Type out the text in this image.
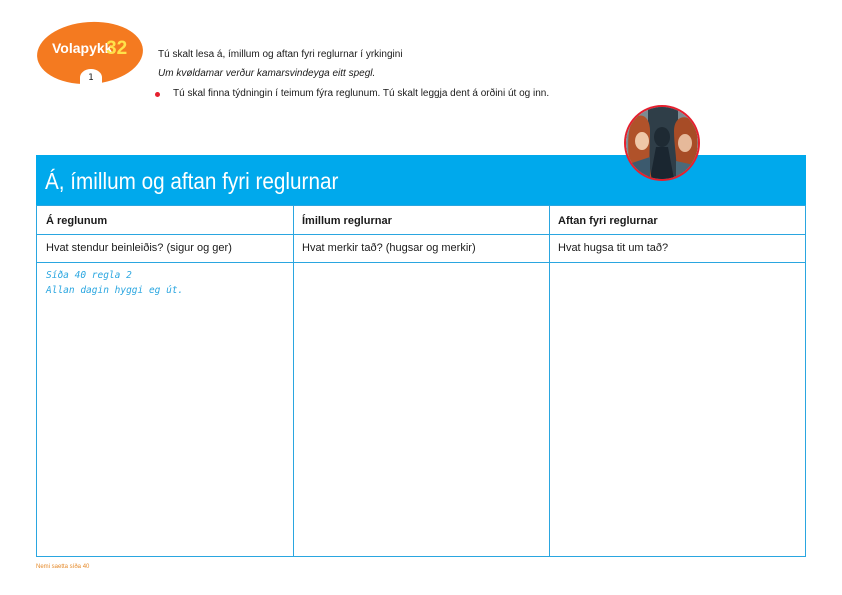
Volapykk
32
1
Tú skalt lesa á, ímillum og aftan fyri reglurnar í yrkingini
Um kvøldamar verður kamarsvindeyga eitt spegl.
Tú skal finna týdningin í teimum fýra reglunum. Tú skalt leggja dent á orðini út og inn.
Á, ímillum og aftan fyri reglurnar
Á reglunum	Ímillum reglurnar	Aftan fyri reglurnar
Hvat stendur beinleiðis? (sigur og ger)	Hvat merkir tað? (hugsar og merkir)	Hvat hugsa tit um tað?
Síða 40 regla 2
Allan dagin hyggi eg út.
Nemi saetta síða 40
